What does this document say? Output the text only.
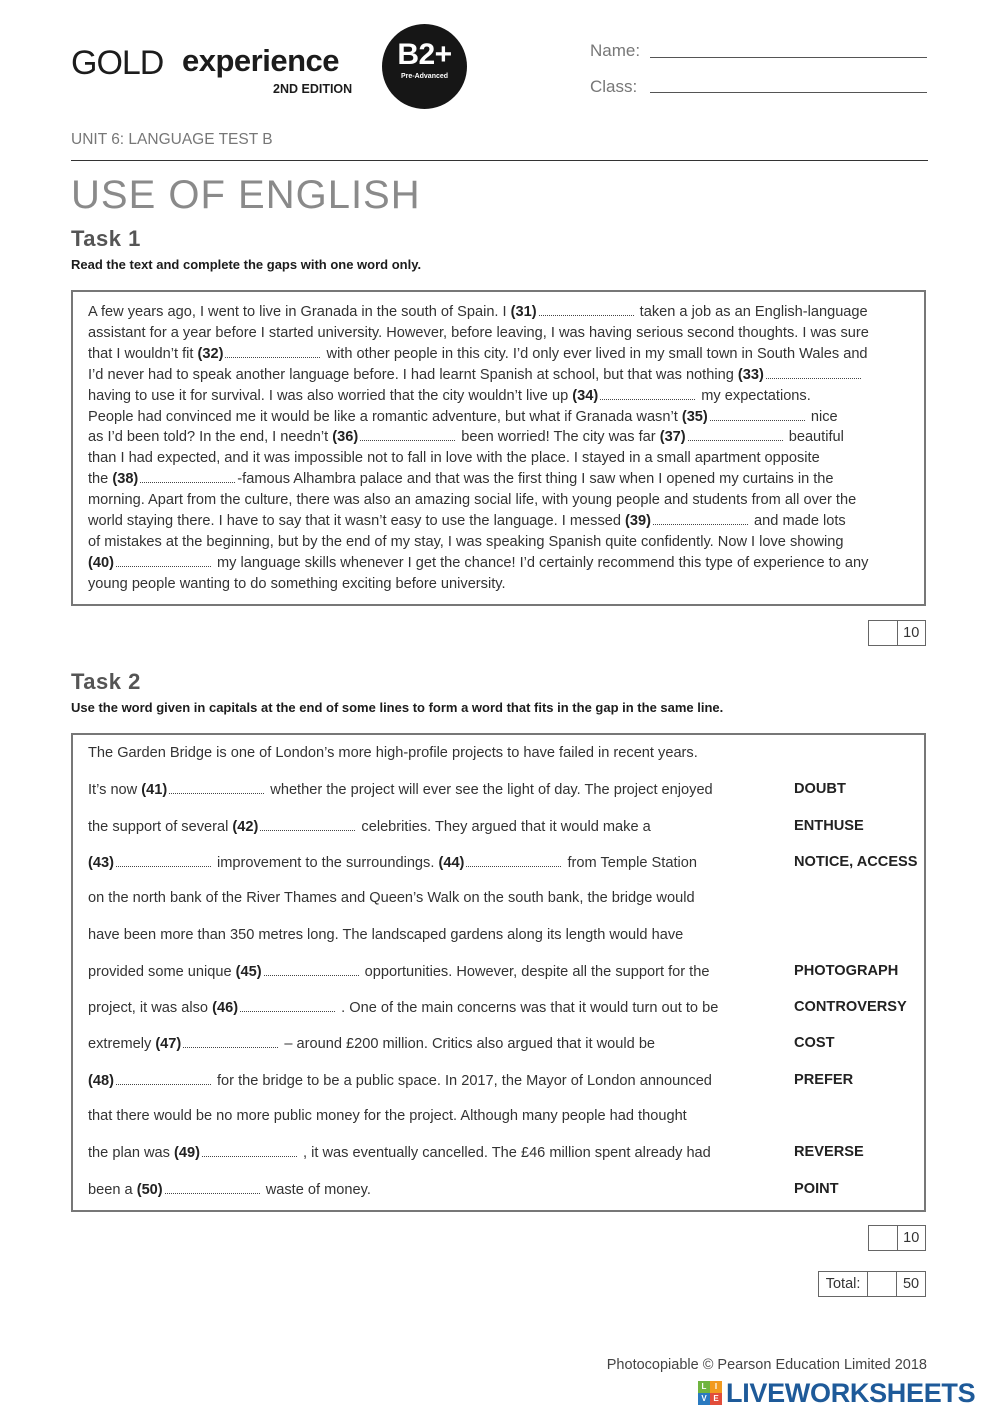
GOLD experience
2ND EDITION
B2+
Pre-Advanced
Name:
Class:
UNIT 6: LANGUAGE TEST B
USE OF ENGLISH
Task 1
Read the text and complete the gaps with one word only.

A few years ago, I went to live in Granada in the south of Spain. I (31)	taken a job as an English-language

assistant for a year before I started university. However, before leaving, I was having serious second thoughts. I was sure

that I wouldn’t fit (32)	with other people in this city. I’d only ever lived in my small town in South Wales and

I’d never had to speak another language before. I had learnt Spanish at school, but that was nothing (33)

having to use it for survival. I was also worried that the city wouldn’t live up (34)	my expectations.

People had convinced me it would be like a romantic adventure, but what if Granada wasn’t (35)	nice

as I’d been told? In the end, I needn’t (36)	been worried! The city was far (37)	beautiful

than I had expected, and it was impossible not to fall in love with the place. I stayed in a small apartment opposite

the (38)	-famous Alhambra palace and that was the first thing I saw when I opened my curtains in the

morning. Apart from the culture, there was also an amazing social life, with young people and students from all over the

world staying there. I have to say that it wasn’t easy to use the language. I messed (39)	and made lots

of mistakes at the beginning, but by the end of my stay, I was speaking Spanish quite confidently. Now I love showing

(40)	my language skills whenever I get the chance! I’d certainly recommend this type of experience to any

young people wanting to do something exciting before university.

10
Task 2
Use the word given in capitals at the end of some lines to form a word that fits in the gap in the same line.
The Garden Bridge is one of London’s more high-profile projects to have failed in recent years.
It’s now (41)	whether the project will ever see the light of day. The project enjoyed	DOUBT
the support of several (42)	celebrities. They argued that it would make a	ENTHUSE
(43)	improvement to the surroundings. (44)	from Temple Station	NOTICE, ACCESS
on the north bank of the River Thames and Queen’s Walk on the south bank, the bridge would
have been more than 350 metres long. The landscaped gardens along its length would have
provided some unique (45)	opportunities. However, despite all the support for the	PHOTOGRAPH
project, it was also (46)	. One of the main concerns was that it would turn out to be	CONTROVERSY
extremely (47)	– around £200 million. Critics also argued that it would be	COST
(48)	for the bridge to be a public space. In 2017, the Mayor of London announced	PREFER
that there would be no more public money for the project. Although many people had thought
the plan was (49)	, it was eventually cancelled. The £46 million spent already had	REVERSE
been a (50)	waste of money.	POINT
10
Total:	50
Photocopiable © Pearson Education Limited 2018
L	I
V E LIVEWORKSHEETS
